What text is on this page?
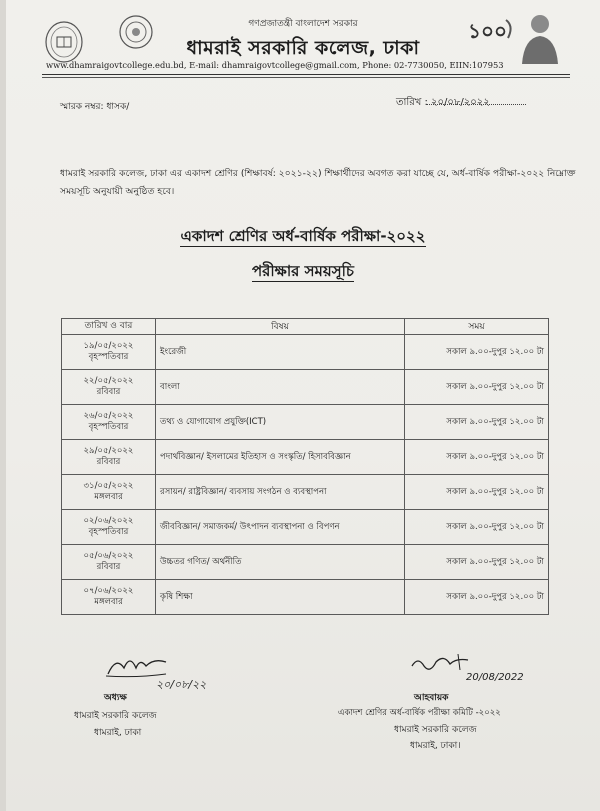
১০০
গণপ্রজাতন্ত্রী বাংলাদেশ সরকার
ধামরাই সরকারি কলেজ, ঢাকা
www.dhamraigovtcollege.edu.bd, E-mail: dhamraigovtcollege@gmail.com, Phone: 02-7730050, EIIN:107953
স্মারক নম্বর: ধাসক/	তারিখ : ২০/০৮/২০২২
ধামরাই সরকারি কলেজ, ঢাকা এর একাদশ শ্রেণির (শিক্ষাবর্ষ: ২০২১-২২) শিক্ষার্থীদের অবগত করা যাচ্ছে যে, অর্ধ-বার্ষিক পরীক্ষা-২০২২ নিম্নোক্ত সময়সূচি অনুযায়ী অনুষ্ঠিত হবে।
একাদশ শ্রেণির অর্ধ-বার্ষিক পরীক্ষা-২০২২
পরীক্ষার সময়সূচি
তারিখ ও বার	বিষয়	সময়

১৯/০৫/২০২২
বৃহস্পতিবার	ইংরেজী	সকাল ৯.০০-দুপুর ১২.০০ টা

২২/০৫/২০২২
রবিবার	বাংলা	সকাল ৯.০০-দুপুর ১২.০০ টা

২৬/০৫/২০২২
বৃহস্পতিবার	তথ্য ও যোগাযোগ প্রযুক্তি(ICT)	সকাল ৯.০০-দুপুর ১২.০০ টা

২৯/০৫/২০২২
রবিবার	পদার্থবিজ্ঞান/ ইসলামের ইতিহাস ও সংস্কৃতি/ হিসাববিজ্ঞান	সকাল ৯.০০-দুপুর ১২.০০ টা

৩১/০৫/২০২২
মঙ্গলবার	রসায়ন/ রাষ্ট্রবিজ্ঞান/ ব্যবসায় সংগঠন ও ব্যবস্থাপনা	সকাল ৯.০০-দুপুর ১২.০০ টা

০২/০৬/২০২২
বৃহস্পতিবার	জীববিজ্ঞান/ সমাজকর্ম/ উৎপাদন ব্যবস্থাপনা ও বিপণন	সকাল ৯.০০-দুপুর ১২.০০ টা

০৫/০৬/২০২২
রবিবার	উচ্চতর গণিত/ অর্থনীতি	সকাল ৯.০০-দুপুর ১২.০০ টা

০৭/০৬/২০২২
মঙ্গলবার	কৃষি শিক্ষা	সকাল ৯.০০-দুপুর ১২.০০ টা
২০/০৮/২২
অধ্যক্ষ
ধামরাই সরকারি কলেজ
ধামরাই, ঢাকা
20/08/2022
আহবায়ক
একাদশ শ্রেণির অর্ধ-বার্ষিক পরীক্ষা কমিটি -২০২২
ধামরাই সরকারি কলেজ
ধামরাই, ঢাকা।
